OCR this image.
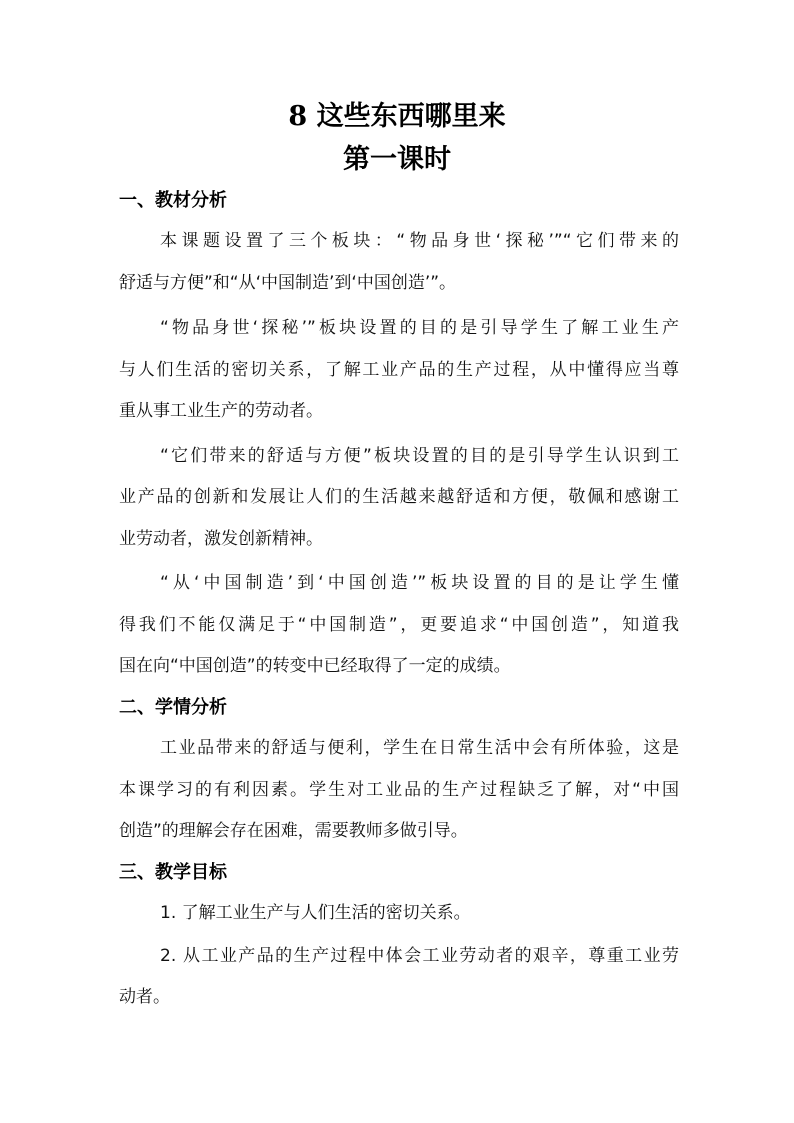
8 这些东西哪里来
第一课时
一、教材分析
本课题设置了三个板块：“物品身世‘探秘’”“它们带来的
舒适与方便”和“从‘中国制造’到‘中国创造’”。
“物品身世‘探秘’”板块设置的目的是引导学生了解工业生产
与人们生活的密切关系，了解工业产品的生产过程，从中懂得应当尊
重从事工业生产的劳动者。
“它们带来的舒适与方便”板块设置的目的是引导学生认识到工
业产品的创新和发展让人们的生活越来越舒适和方便，敬佩和感谢工
业劳动者，激发创新精神。
“从‘中国制造’到‘中国创造’”板块设置的目的是让学生懂
得我们不能仅满足于“中国制造”，更要追求“中国创造”，知道我
国在向“中国创造”的转变中已经取得了一定的成绩。
二、学情分析
工业品带来的舒适与便利，学生在日常生活中会有所体验，这是
本课学习的有利因素。学生对工业品的生产过程缺乏了解，对“中国
创造”的理解会存在困难，需要教师多做引导。
三、教学目标
1. 了解工业生产与人们生活的密切关系。
2. 从工业产品的生产过程中体会工业劳动者的艰辛，尊重工业劳
动者。
